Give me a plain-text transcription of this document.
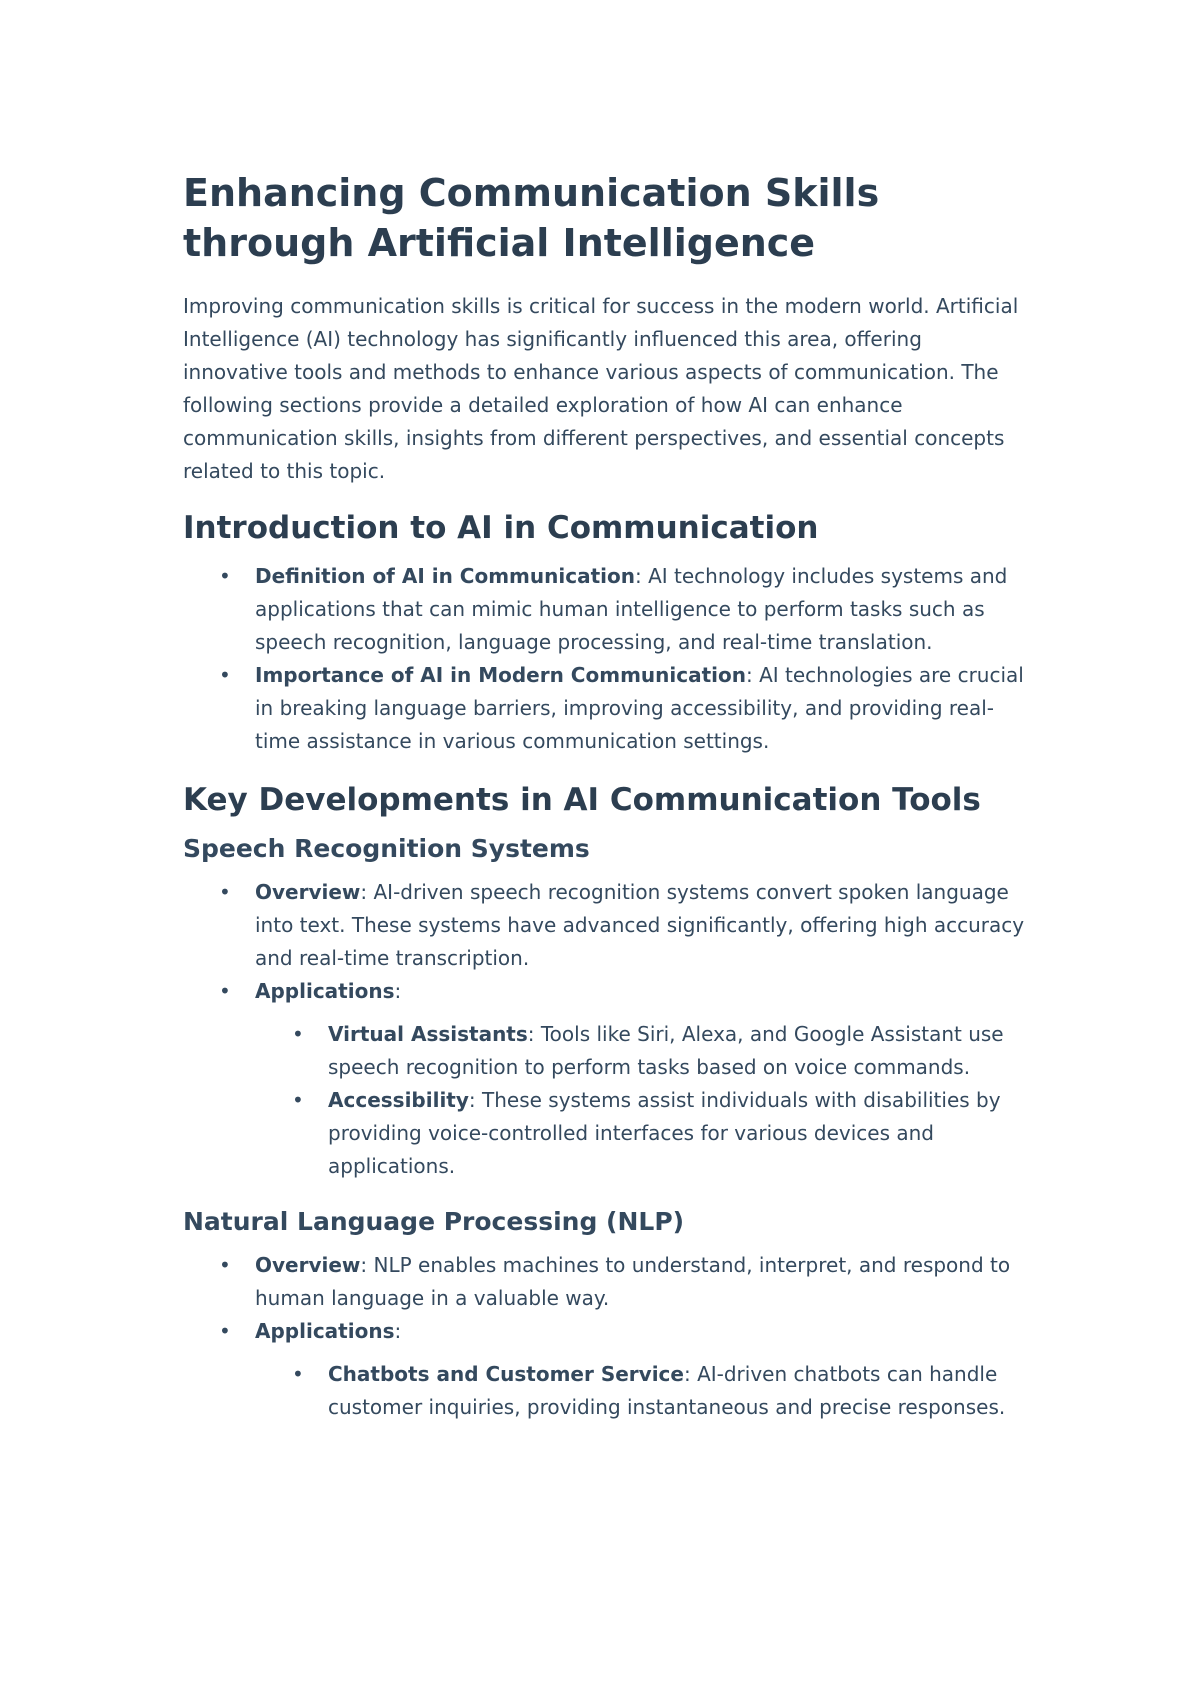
Enhancing Communication Skills through Artificial Intelligence

Improving communication skills is critical for success in the modern world. Artificial Intelligence (AI) technology has significantly influenced this area, offering innovative tools and methods to enhance various aspects of communication. The following sections provide a detailed exploration of how AI can enhance communication skills, insights from different perspectives, and essential concepts related to this topic.

Introduction to AI in Communication
• Definition of AI in Communication: AI technology includes systems and applications that can mimic human intelligence to perform tasks such as speech recognition, language processing, and real-time translation.
• Importance of AI in Modern Communication: AI technologies are crucial in breaking language barriers, improving accessibility, and providing real-time assistance in various communication settings.
Key Developments in AI Communication Tools
Speech Recognition Systems
• Overview: AI-driven speech recognition systems convert spoken language into text. These systems have advanced significantly, offering high accuracy and real-time transcription.
• Applications:
• Virtual Assistants: Tools like Siri, Alexa, and Google Assistant use speech recognition to perform tasks based on voice commands.
• Accessibility: These systems assist individuals with disabilities by providing voice-controlled interfaces for various devices and applications.
Natural Language Processing (NLP)
• Overview: NLP enables machines to understand, interpret, and respond to human language in a valuable way.
• Applications:
• Chatbots and Customer Service: AI-driven chatbots can handle customer inquiries, providing instantaneous and precise responses.
